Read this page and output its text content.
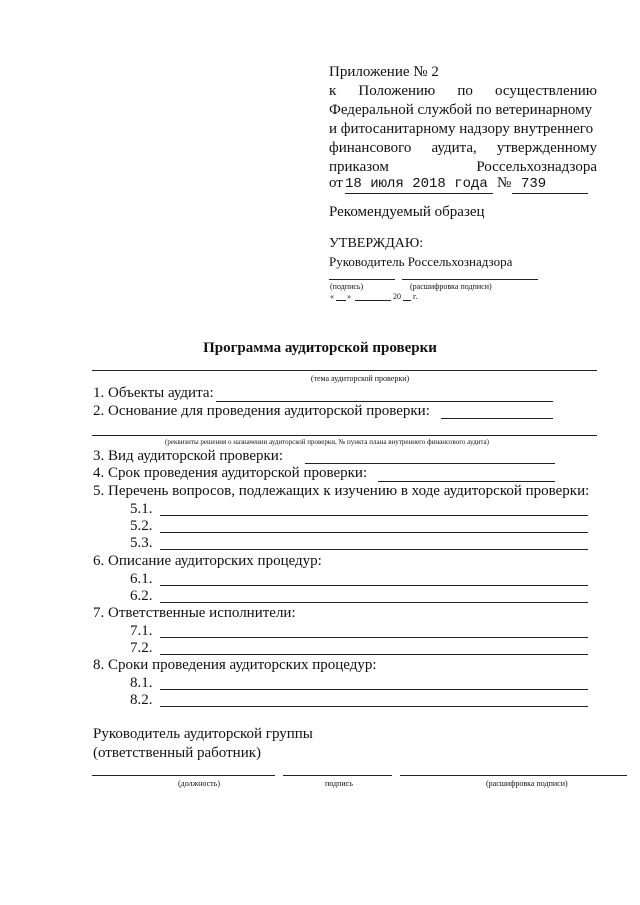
Приложение № 2
к Положению по осуществлению
Федеральной службой по ветеринарному
и фитосанитарному надзору внутреннего
финансового аудита, утвержденному
приказом	Россельхознадзора
от 18 июля 2018 года № 739
Рекомендуемый образец
УТВЕРЖДАЮ:
Руководитель Россельхознадзора
(подпись)	(расшифровка подписи)
« »	20 г.
Программа аудиторской проверки
(тема аудиторской проверки)
1. Объекты аудита:
2. Основание для проведения аудиторской проверки:
(реквизиты решения о назначении аудиторской проверки, № пункта плана внутреннего финансового аудита)
3. Вид аудиторской проверки:
4. Срок проведения аудиторской проверки:
5. Перечень вопросов, подлежащих к изучению в ходе аудиторской проверки:
5.1.
5.2.
5.3.
6. Описание аудиторских процедур:
6.1.
6.2.
7. Ответственные исполнители:
7.1.
7.2.
8. Сроки проведения аудиторских процедур:
8.1.
8.2.
Руководитель аудиторской группы
(ответственный работник)
(должность)	подпись	(расшифровка подписи)
